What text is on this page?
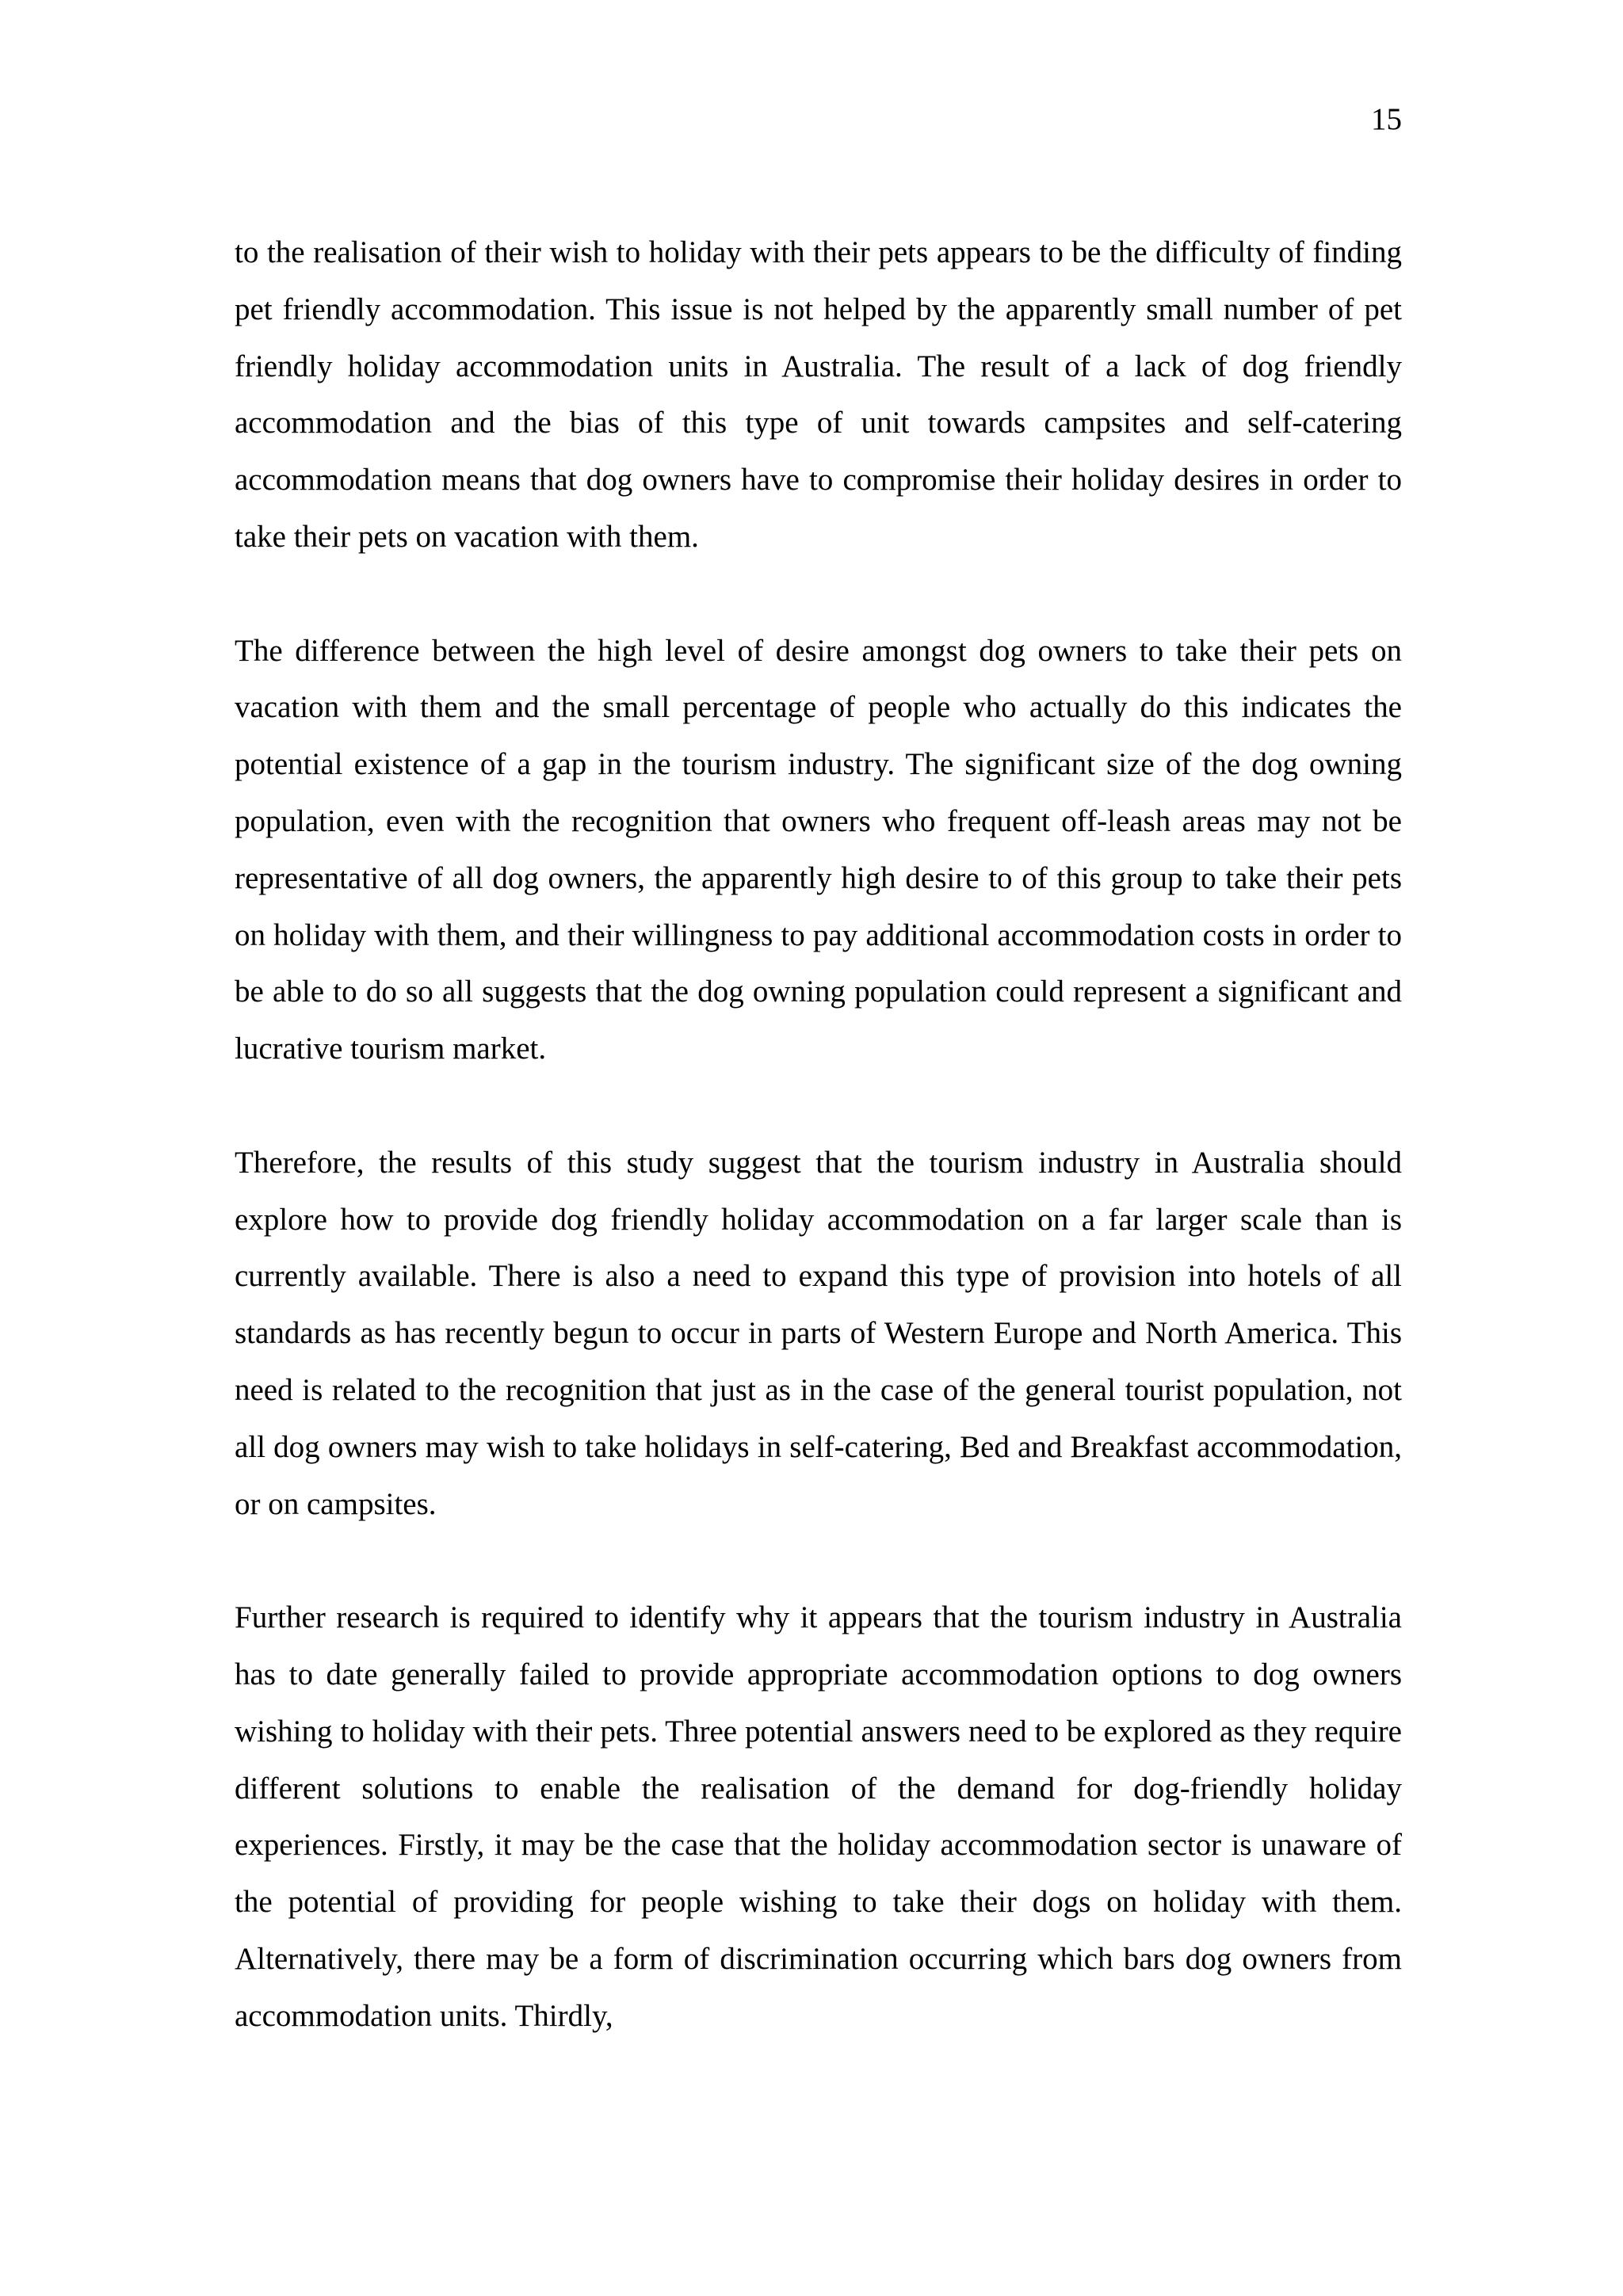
15

to the realisation of their wish to holiday with their pets appears to be the difficulty of finding pet friendly accommodation. This issue is not helped by the apparently small number of pet friendly holiday accommodation units in Australia. The result of a lack of dog friendly accommodation and the bias of this type of unit towards campsites and self-catering accommodation means that dog owners have to compromise their holiday desires in order to take their pets on vacation with them.

The difference between the high level of desire amongst dog owners to take their pets on vacation with them and the small percentage of people who actually do this indicates the potential existence of a gap in the tourism industry. The significant size of the dog owning population, even with the recognition that owners who frequent off-leash areas may not be representative of all dog owners, the apparently high desire to of this group to take their pets on holiday with them, and their willingness to pay additional accommodation costs in order to be able to do so all suggests that the dog owning population could represent a significant and lucrative tourism market.

Therefore, the results of this study suggest that the tourism industry in Australia should explore how to provide dog friendly holiday accommodation on a far larger scale than is currently available. There is also a need to expand this type of provision into hotels of all standards as has recently begun to occur in parts of Western Europe and North America. This need is related to the recognition that just as in the case of the general tourist population, not all dog owners may wish to take holidays in self-catering, Bed and Breakfast accommodation, or on campsites.

Further research is required to identify why it appears that the tourism industry in Australia has to date generally failed to provide appropriate accommodation options to dog owners wishing to holiday with their pets. Three potential answers need to be explored as they require different solutions to enable the realisation of the demand for dog-friendly holiday experiences. Firstly, it may be the case that the holiday accommodation sector is unaware of the potential of providing for people wishing to take their dogs on holiday with them. Alternatively, there may be a form of discrimination occurring which bars dog owners from accommodation units. Thirdly,
